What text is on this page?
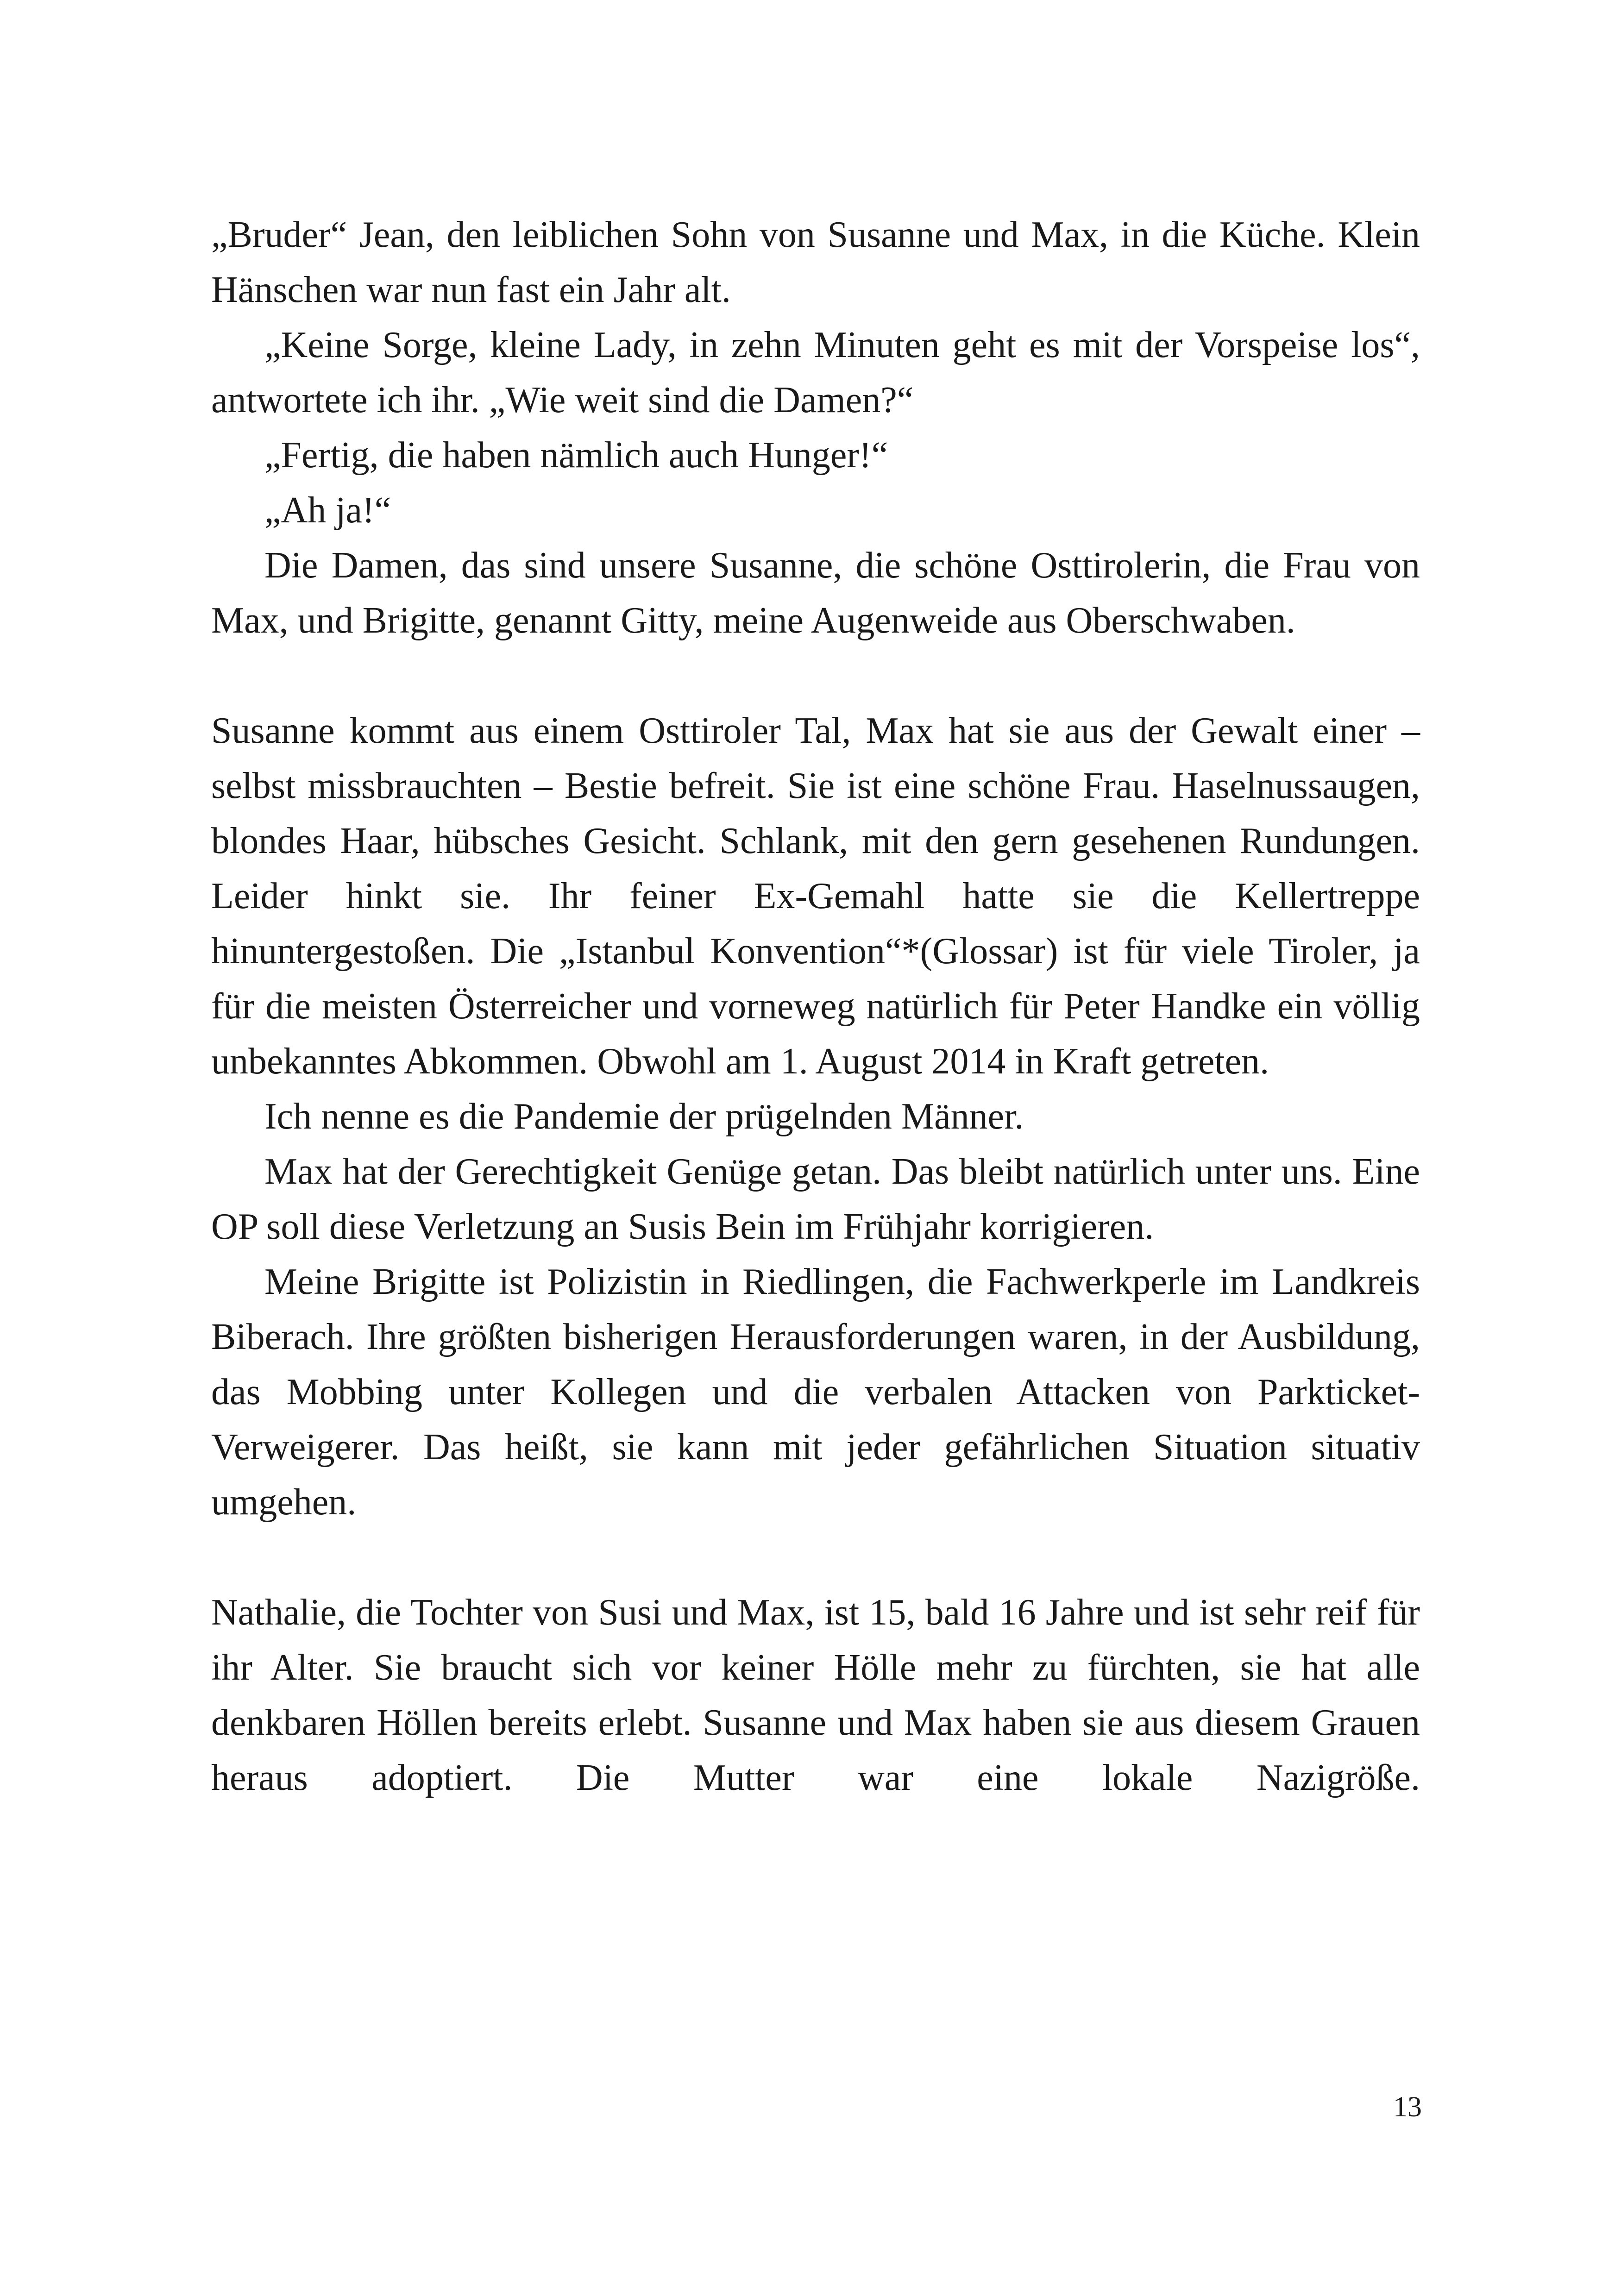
„Bruder“ Jean, den leiblichen Sohn von Susanne und Max, in die Küche. Klein Hänschen war nun fast ein Jahr alt.

„Keine Sorge, kleine Lady, in zehn Minuten geht es mit der Vorspeise los“, antwortete ich ihr. „Wie weit sind die Damen?“

„Fertig, die haben nämlich auch Hunger!“

„Ah ja!“

Die Damen, das sind unsere Susanne, die schöne Osttirolerin, die Frau von Max, und Brigitte, genannt Gitty, meine Augenweide aus Oberschwaben.

Susanne kommt aus einem Osttiroler Tal, Max hat sie aus der Gewalt einer – selbst missbrauchten – Bestie befreit. Sie ist eine schöne Frau. Haselnussaugen, blondes Haar, hübsches Gesicht. Schlank, mit den gern gesehenen Rundungen. Leider hinkt sie. Ihr feiner Ex-Gemahl hatte sie die Kellertreppe hinuntergestoßen. Die „Istanbul Konvention“*(Glossar) ist für viele Tiroler, ja für die meisten Österreicher und vorneweg natürlich für Peter Handke ein völlig unbekanntes Abkommen. Obwohl am 1. August 2014 in Kraft getreten.

Ich nenne es die Pandemie der prügelnden Männer.

Max hat der Gerechtigkeit Genüge getan. Das bleibt natürlich unter uns. Eine OP soll diese Verletzung an Susis Bein im Frühjahr korrigieren.

Meine Brigitte ist Polizistin in Riedlingen, die Fachwerkperle im Landkreis Biberach. Ihre größten bisherigen Herausforderungen waren, in der Ausbildung, das Mobbing unter Kollegen und die verbalen Attacken von Parkticket-Verweigerer. Das heißt, sie kann mit jeder gefährlichen Situation situativ umgehen.

Nathalie, die Tochter von Susi und Max, ist 15, bald 16 Jahre und ist sehr reif für ihr Alter. Sie braucht sich vor keiner Hölle mehr zu fürchten, sie hat alle denkbaren Höllen bereits erlebt. Susanne und Max haben sie aus diesem Grauen heraus adoptiert. Die Mutter war eine lokale Nazigröße.

13
